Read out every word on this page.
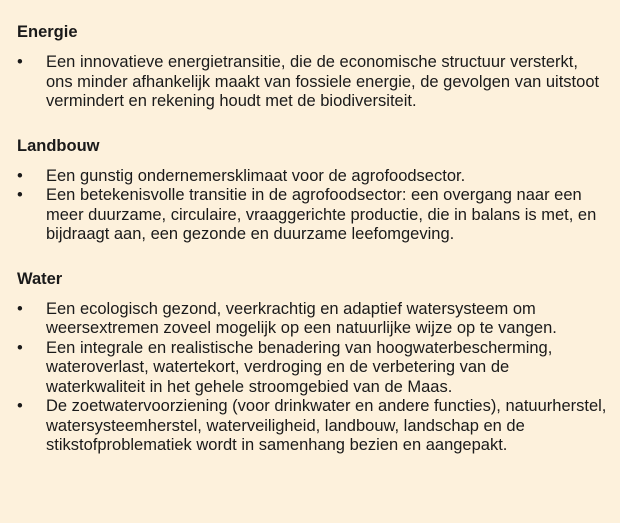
Energie
• Een innovatieve energietransitie, die de economische structuur versterkt, ons minder afhankelijk maakt van fossiele energie, de gevolgen van uitstoot vermindert en rekening houdt met de biodiversiteit.
Landbouw
• Een gunstig ondernemersklimaat voor de agrofoodsector.
• Een betekenisvolle transitie in de agrofoodsector: een overgang naar een meer duurzame, circulaire, vraaggerichte productie, die in balans is met, en bijdraagt aan, een gezonde en duurzame leefomgeving.
Water
• Een ecologisch gezond, veerkrachtig en adaptief watersysteem om weersextremen zoveel mogelijk op een natuurlijke wijze op te vangen.
• Een integrale en realistische benadering van hoogwaterbescherming, wateroverlast, watertekort, verdroging en de verbetering van de waterkwaliteit in het gehele stroomgebied van de Maas.
• De zoetwatervoorziening (voor drinkwater en andere functies), natuurherstel, watersysteemherstel, waterveiligheid, landbouw, landschap en de stikstofproblematiek wordt in samenhang bezien en aangepakt.
